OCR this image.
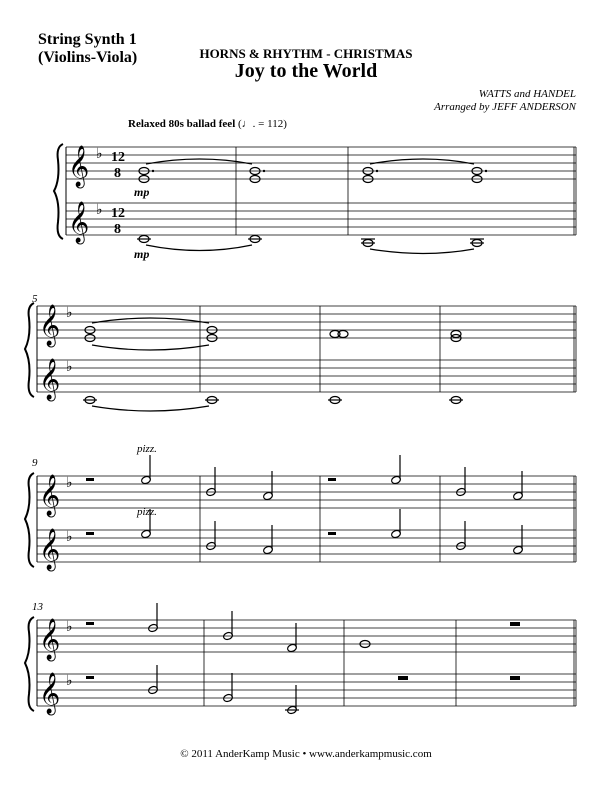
String Synth 1
(Violins-Viola)	HORNS & RHYTHM - CHRISTMAS
Joy to the World
WATTS and HANDEL
Arranged by JEFF ANDERSON
Relaxed 80s ballad feel (♩. = 112)
𝄞
𝄞
♭
♭
12
8
12
8
mp
mp
5
𝄞
𝄞
♭
♭
9
pizz.
pizz.
𝄞
𝄞
♭
♭
13
𝄞
𝄞
♭
♭
© 2011 AnderKamp Music • www.anderkampmusic.com
